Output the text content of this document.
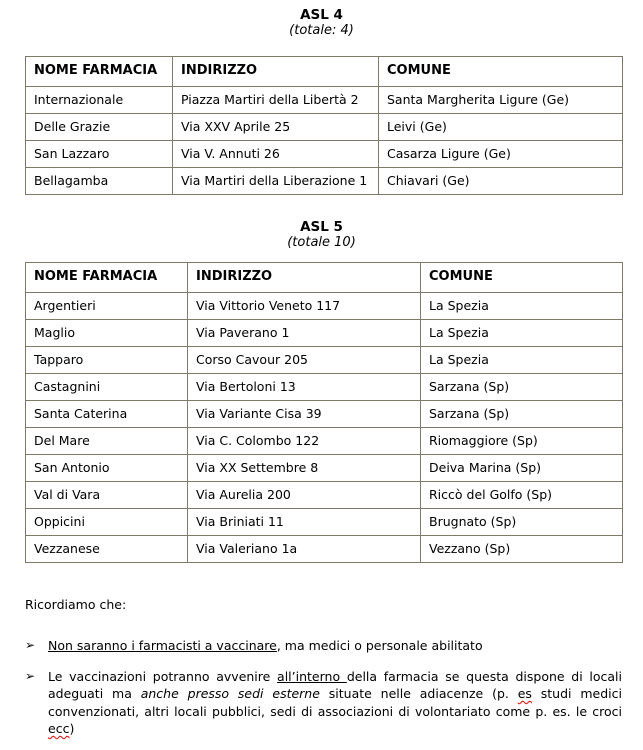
ASL 4
(totale: 4)
NOME FARMACIA	INDIRIZZO	COMUNE
Internazionale	Piazza Martiri della Libertà 2	Santa Margherita Ligure (Ge)
Delle Grazie	Via XXV Aprile 25	Leivi (Ge)
San Lazzaro	Via V. Annuti 26	Casarza Ligure (Ge)
Bellagamba	Via Martiri della Liberazione 1	Chiavari (Ge)
ASL 5
(totale 10)
NOME FARMACIA	INDIRIZZO	COMUNE
Argentieri	Via Vittorio Veneto 117	La Spezia
Maglio	Via Paverano 1	La Spezia
Tapparo	Corso Cavour 205	La Spezia
Castagnini	Via Bertoloni 13	Sarzana (Sp)
Santa Caterina	Via Variante Cisa 39	Sarzana (Sp)
Del Mare	Via C. Colombo 122	Riomaggiore (Sp)
San Antonio	Via XX Settembre 8	Deiva Marina (Sp)
Val di Vara	Via Aurelia 200	Riccò del Golfo (Sp)
Oppicini	Via Briniati 11	Brugnato (Sp)
Vezzanese	Via Valeriano 1a	Vezzano (Sp)
Ricordiamo che:
➢	Non saranno i farmacisti a vaccinare, ma medici o personale abilitato
➢	Le vaccinazioni potranno avvenire all’interno della farmacia se questa dispone di locali adeguati ma anche presso sedi esterne situate nelle adiacenze (p. es studi medici convenzionati, altri locali pubblici, sedi di associazioni di volontariato come p. es. le croci ecc)
